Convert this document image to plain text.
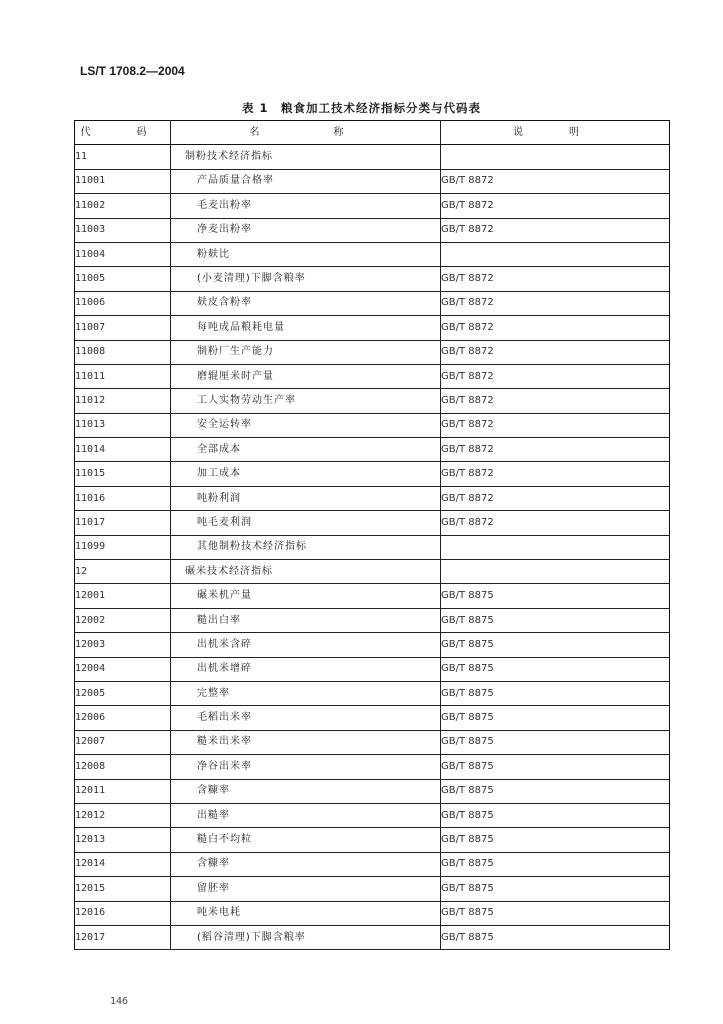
LS/T 1708.2—2004
表 1　粮食加工技术经济指标分类与代码表
代　码	名　　称	说　明
11	制粉技术经济指标	
11001	产品质量合格率	GB/T 8872
11002	毛麦出粉率	GB/T 8872
11003	净麦出粉率	GB/T 8872
11004	粉麸比	
11005	(小麦清理)下脚含粮率	GB/T 8872
11006	麸皮含粉率	GB/T 8872
11007	每吨成品粮耗电量	GB/T 8872
11008	制粉厂生产能力	GB/T 8872
11011	磨辊厘米时产量	GB/T 8872
11012	工人实物劳动生产率	GB/T 8872
11013	安全运转率	GB/T 8872
11014	全部成本	GB/T 8872
11015	加工成本	GB/T 8872
11016	吨粉利润	GB/T 8872
11017	吨毛麦利润	GB/T 8872
11099	其他制粉技术经济指标	
12	碾米技术经济指标	
12001	碾米机产量	GB/T 8875
12002	糙出白率	GB/T 8875
12003	出机米含碎	GB/T 8875
12004	出机米增碎	GB/T 8875
12005	完整率	GB/T 8875
12006	毛稻出米率	GB/T 8875
12007	糙米出米率	GB/T 8875
12008	净谷出米率	GB/T 8875
12011	含糠率	GB/T 8875
12012	出糙率	GB/T 8875
12013	糙白不均粒	GB/T 8875
12014	含糠率	GB/T 8875
12015	留胚率	GB/T 8875
12016	吨米电耗	GB/T 8875
12017	(稻谷清理)下脚含粮率	GB/T 8875
146
